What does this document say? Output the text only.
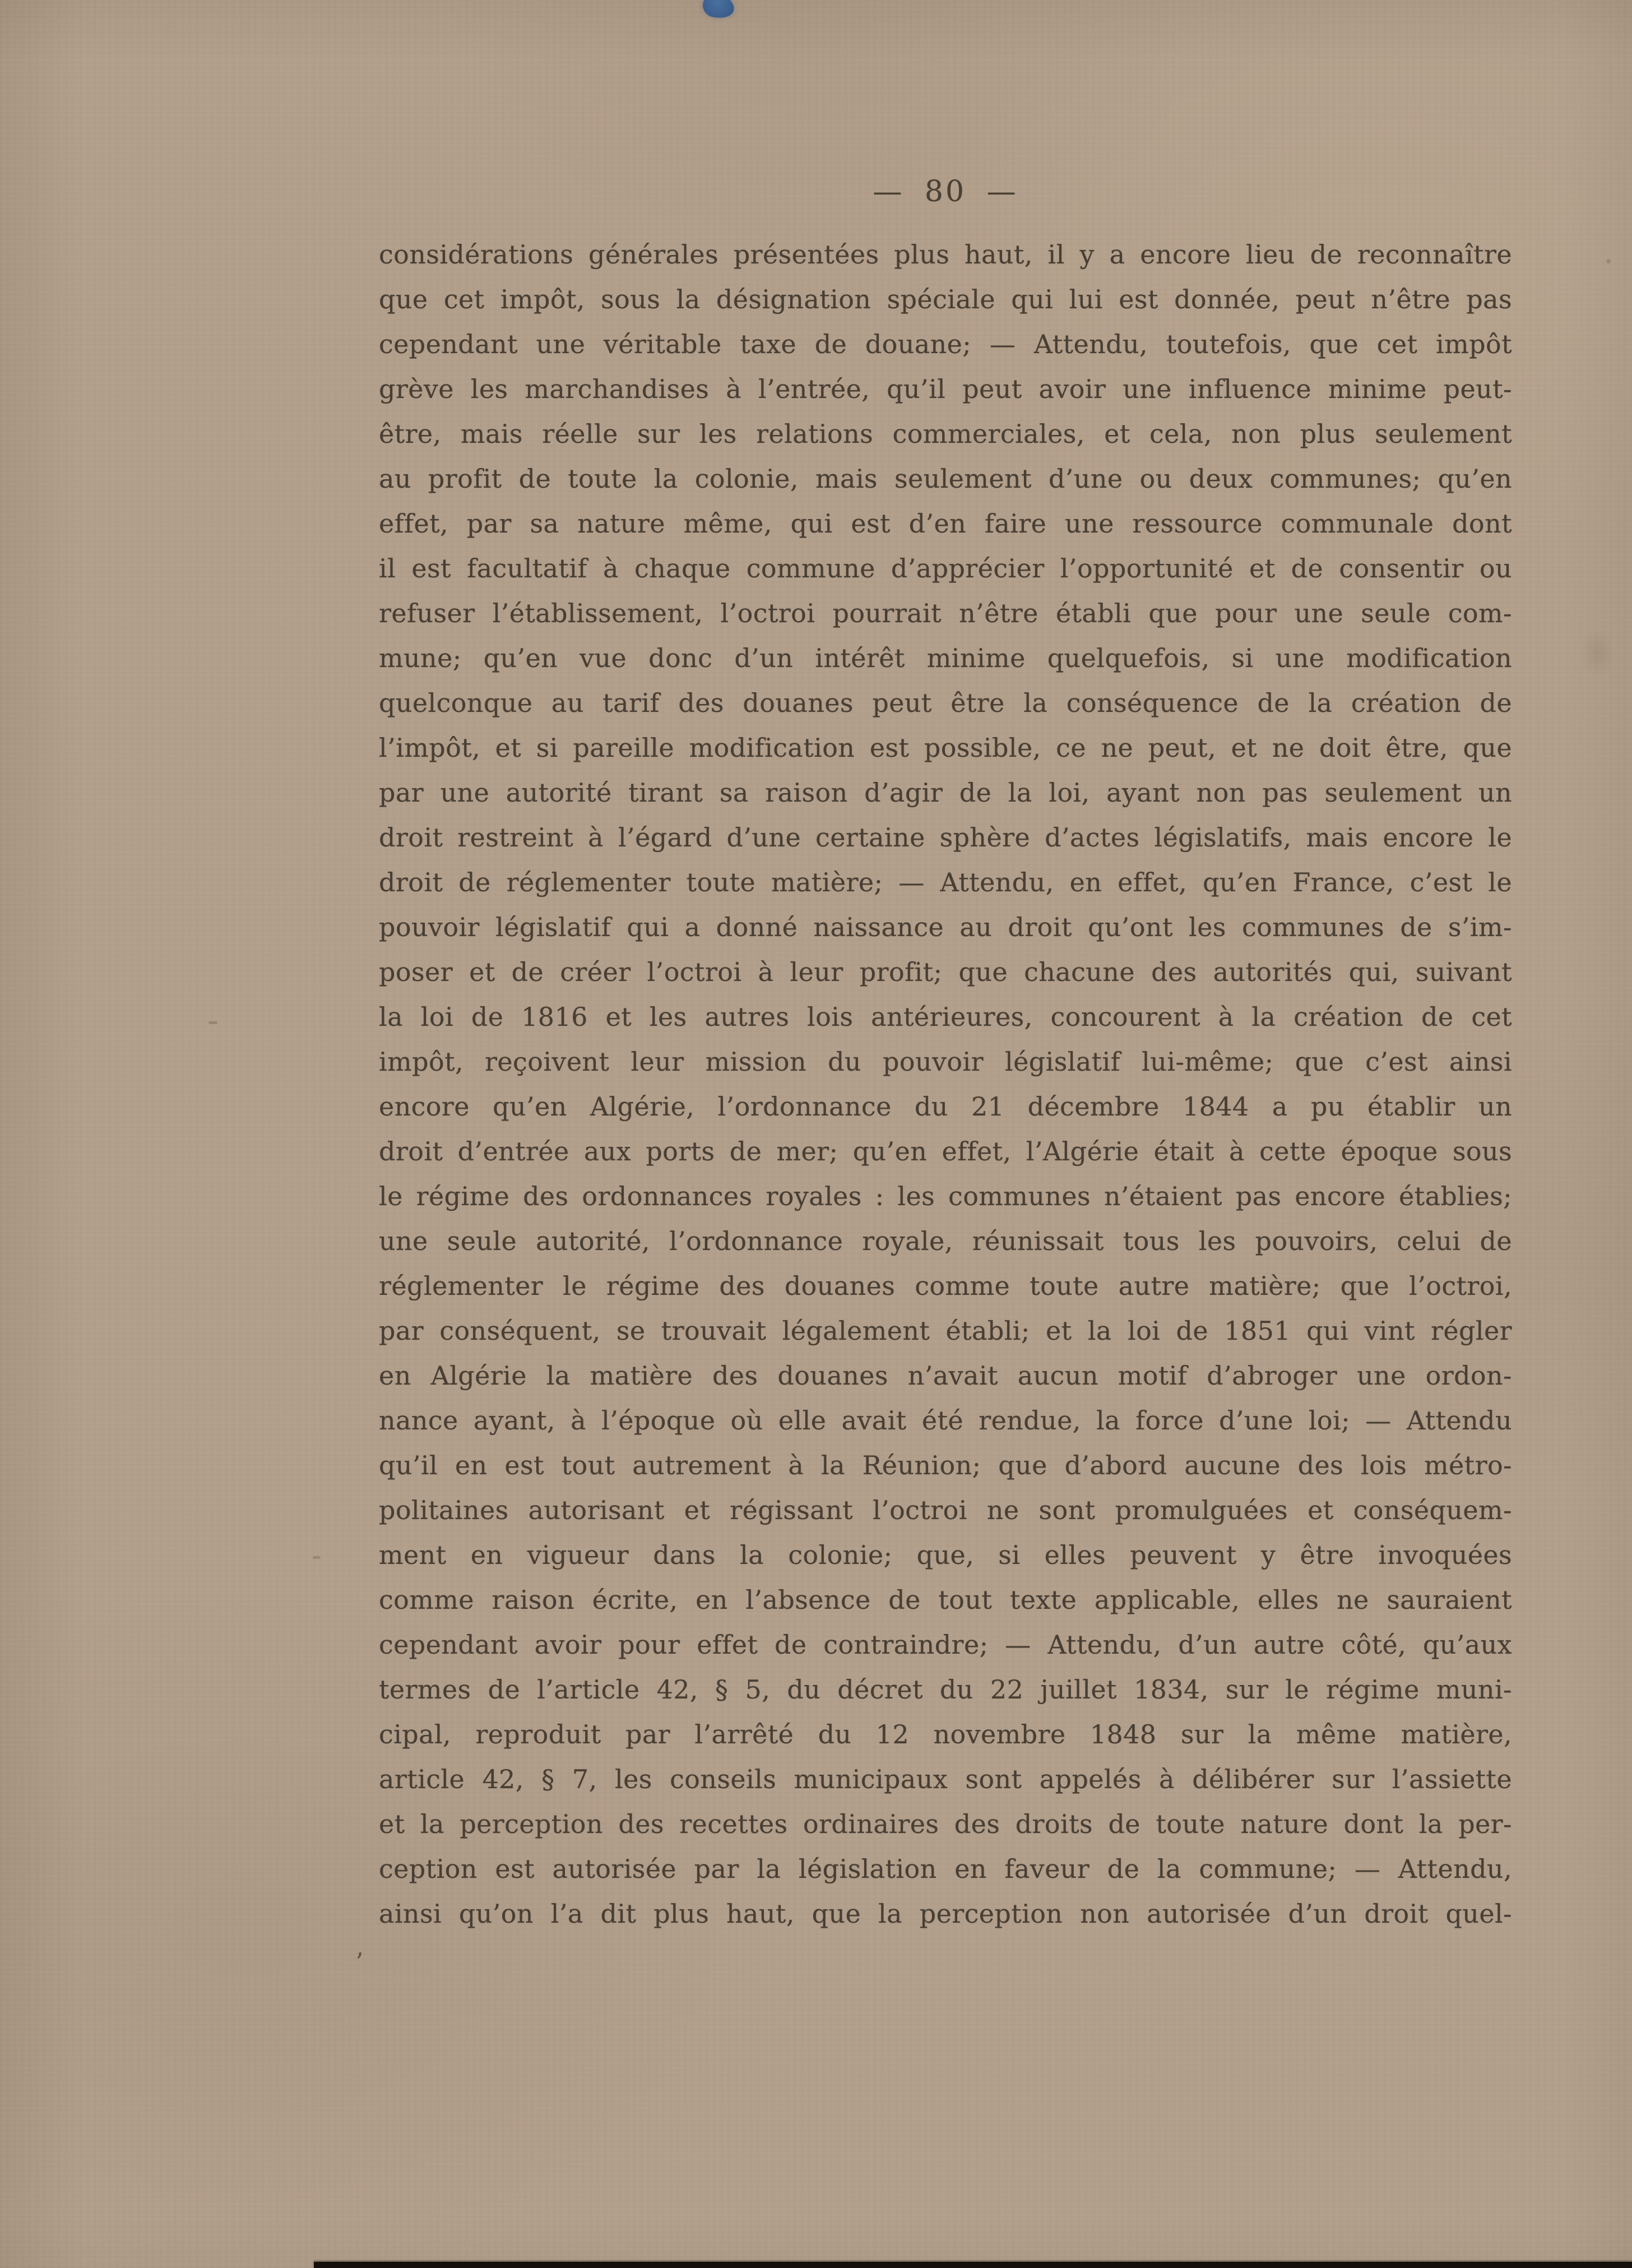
— 80 —
considérations générales présentées plus haut, il y a encore lieu de reconnaître
que cet impôt, sous la désignation spéciale qui lui est donnée, peut n’être pas
cependant une véritable taxe de douane; — Attendu, toutefois, que cet impôt
grève les marchandises à l’entrée, qu’il peut avoir une influence minime peut-
être, mais réelle sur les relations commerciales, et cela, non plus seulement
au profit de toute la colonie, mais seulement d’une ou deux communes; qu’en
effet, par sa nature même, qui est d’en faire une ressource communale dont
il est facultatif à chaque commune d’apprécier l’opportunité et de consentir ou
refuser l’établissement, l’octroi pourrait n’être établi que pour une seule com-
mune; qu’en vue donc d’un intérêt minime quelquefois, si une modification
quelconque au tarif des douanes peut être la conséquence de la création de
l’impôt, et si pareille modification est possible, ce ne peut, et ne doit être, que
par une autorité tirant sa raison d’agir de la loi, ayant non pas seulement un
droit restreint à l’égard d’une certaine sphère d’actes législatifs, mais encore le
droit de réglementer toute matière; — Attendu, en effet, qu’en France, c’est le
pouvoir législatif qui a donné naissance au droit qu’ont les communes de s’im-
poser et de créer l’octroi à leur profit; que chacune des autorités qui, suivant
la loi de 1816 et les autres lois antérieures, concourent à la création de cet
impôt, reçoivent leur mission du pouvoir législatif lui-même; que c’est ainsi
encore qu’en Algérie, l’ordonnance du 21 décembre 1844 a pu établir un
droit d’entrée aux ports de mer; qu’en effet, l’Algérie était à cette époque sous
le régime des ordonnances royales : les communes n’étaient pas encore établies;
une seule autorité, l’ordonnance royale, réunissait tous les pouvoirs, celui de
réglementer le régime des douanes comme toute autre matière; que l’octroi,
par conséquent, se trouvait légalement établi; et la loi de 1851 qui vint régler
en Algérie la matière des douanes n’avait aucun motif d’abroger une ordon-
nance ayant, à l’époque où elle avait été rendue, la force d’une loi; — Attendu
qu’il en est tout autrement à la Réunion; que d’abord aucune des lois métro-
politaines autorisant et régissant l’octroi ne sont promulguées et conséquem-
ment en vigueur dans la colonie; que, si elles peuvent y être invoquées
comme raison écrite, en l’absence de tout texte applicable, elles ne sauraient
cependant avoir pour effet de contraindre; — Attendu, d’un autre côté, qu’aux
termes de l’article 42, § 5, du décret du 22 juillet 1834, sur le régime muni-
cipal, reproduit par l’arrêté du 12 novembre 1848 sur la même matière,
article 42, § 7, les conseils municipaux sont appelés à délibérer sur l’assiette
et la perception des recettes ordinaires des droits de toute nature dont la per-
ception est autorisée par la législation en faveur de la commune; — Attendu,
ainsi qu’on l’a dit plus haut, que la perception non autorisée d’un droit quel-
,
